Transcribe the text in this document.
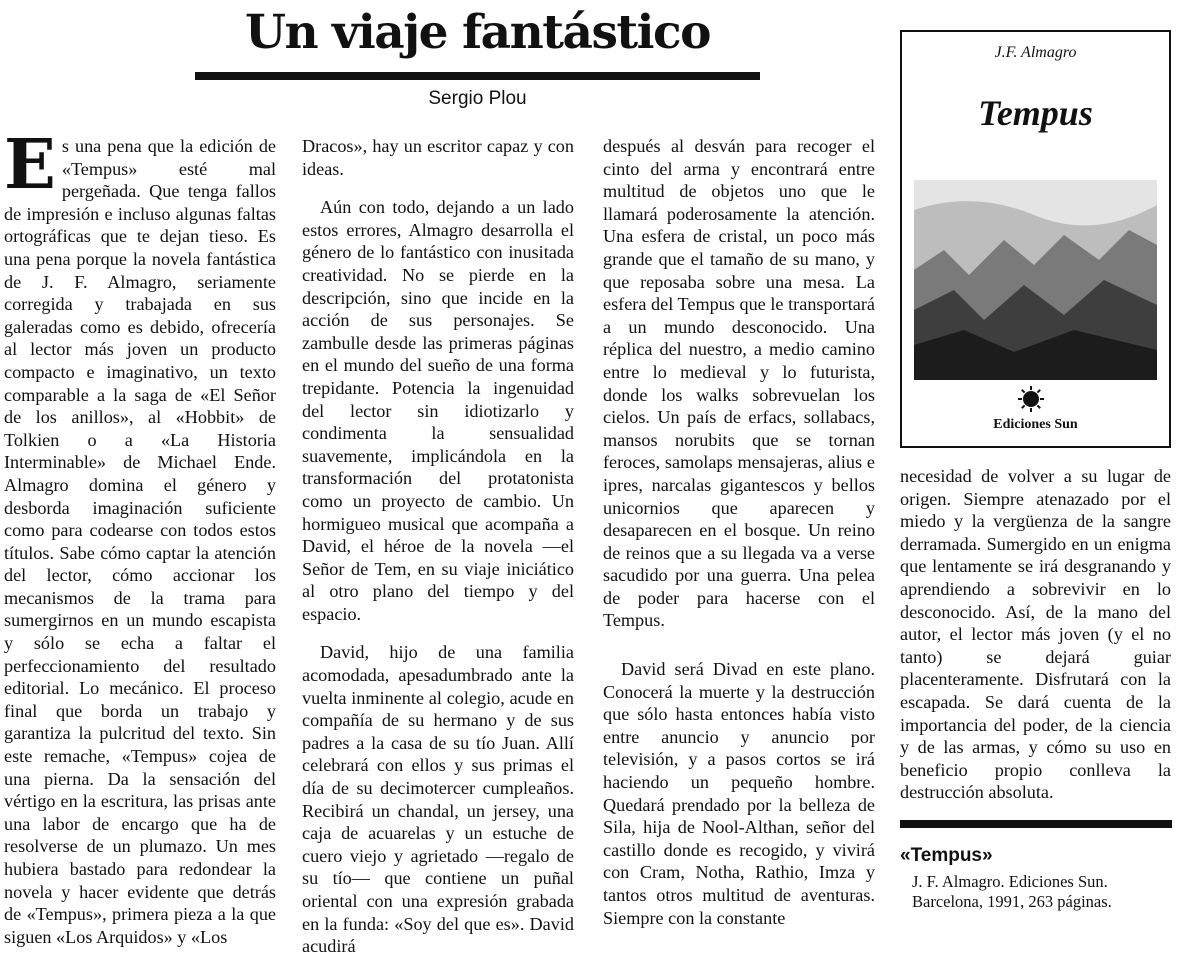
Un viaje fantástico
Sergio Plou

Es una pena que la edición de «Tempus» esté mal pergeñada. Que tenga fallos de impresión e incluso algunas faltas ortográficas que te dejan tieso. Es una pena porque la novela fantástica de J. F. Almagro, seriamente corregida y trabajada en sus galeradas como es debido, ofrecería al lector más joven un producto compacto e imaginativo, un texto comparable a la saga de «El Señor de los anillos», al «Hobbit» de Tolkien o a «La Historia Interminable» de Michael Ende. Almagro domina el género y desborda imaginación suficiente como para codearse con todos estos títulos. Sabe cómo captar la atención del lector, cómo accionar los mecanismos de la trama para sumergirnos en un mundo escapista y sólo se echa a faltar el perfeccionamiento del resultado editorial. Lo mecánico. El proceso final que borda un trabajo y garantiza la pulcritud del texto. Sin este remache, «Tempus» cojea de una pierna. Da la sensación del vértigo en la escritura, las prisas ante una labor de encargo que ha de resolverse de un plumazo. Un mes hubiera bastado para redondear la novela y hacer evidente que detrás de «Tempus», primera pieza a la que siguen «Los Arquidos» y «Los

Dracos», hay un escritor capaz y con ideas.

Aún con todo, dejando a un lado estos errores, Almagro desarrolla el género de lo fantástico con inusitada creatividad. No se pierde en la descripción, sino que incide en la acción de sus personajes. Se zambulle desde las primeras páginas en el mundo del sueño de una forma trepidante. Potencia la ingenuidad del lector sin idiotizarlo y condimenta la sensualidad suavemente, implicándola en la transformación del protatonista como un proyecto de cambio. Un hormigueo musical que acompaña a David, el héroe de la novela —el Señor de Tem, en su viaje iniciático al otro plano del tiempo y del espacio.

David, hijo de una familia acomodada, apesadumbrado ante la vuelta inminente al colegio, acude en compañía de su hermano y de sus padres a la casa de su tío Juan. Allí celebrará con ellos y sus primas el día de su decimotercer cumpleaños. Recibirá un chandal, un jersey, una caja de acuarelas y un estuche de cuero viejo y agrietado —regalo de su tío— que contiene un puñal oriental con una expresión grabada en la funda: «Soy del que es». David acudirá

después al desván para recoger el cinto del arma y encontrará entre multitud de objetos uno que le llamará poderosamente la atención. Una esfera de cristal, un poco más grande que el tamaño de su mano, y que reposaba sobre una mesa. La esfera del Tempus que le transportará a un mundo desconocido. Una réplica del nuestro, a medio camino entre lo medieval y lo futurista, donde los walks sobrevuelan los cielos. Un país de erfacs, sollabacs, mansos norubits que se tornan feroces, samolaps mensajeras, alius e ipres, narcalas gigantescos y bellos unicornios que aparecen y desaparecen en el bosque. Un reino de reinos que a su llegada va a verse sacudido por una guerra. Una pelea de poder para hacerse con el Tempus.

David será Divad en este plano. Conocerá la muerte y la destrucción que sólo hasta entonces había visto entre anuncio y anuncio por televisión, y a pasos cortos se irá haciendo un pequeño hombre. Quedará prendado por la belleza de Sila, hija de Nool-Althan, señor del castillo donde es recogido, y vivirá con Cram, Notha, Rathio, Imza y tantos otros multitud de aventuras. Siempre con la constante

J.F. Almagro
Tempus
Ediciones Sun

necesidad de volver a su lugar de origen. Siempre atenazado por el miedo y la vergüenza de la sangre derramada. Sumergido en un enigma que lentamente se irá desgranando y aprendiendo a sobrevivir en lo desconocido. Así, de la mano del autor, el lector más joven (y el no tanto) se dejará guiar placenteramente. Disfrutará con la escapada. Se dará cuenta de la importancia del poder, de la ciencia y de las armas, y cómo su uso en beneficio propio conlleva la destrucción absoluta.

«Tempus»
J. F. Almagro. Ediciones Sun. Barcelona, 1991, 263 páginas.
